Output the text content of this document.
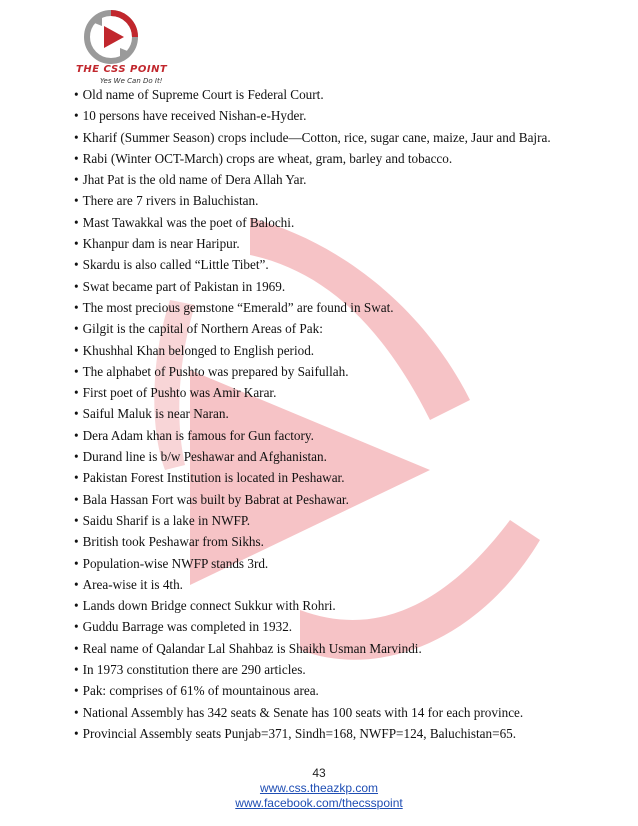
THE CSS POINT
Yes We Can Do It!
• Old name of Supreme Court is Federal Court.
• 10 persons have received Nishan-e-Hyder.
• Kharif (Summer Season) crops include—Cotton, rice, sugar cane, maize, Jaur and Bajra.
• Rabi (Winter OCT-March) crops are wheat, gram, barley and tobacco.
• Jhat Pat is the old name of Dera Allah Yar.
• There are 7 rivers in Baluchistan.
• Mast Tawakkal was the poet of Balochi.
• Khanpur dam is near Haripur.
• Skardu is also called “Little Tibet”.
• Swat became part of Pakistan in 1969.
• The most precious gemstone “Emerald” are found in Swat.
• Gilgit is the capital of Northern Areas of Pak:
• Khushhal Khan belonged to English period.
• The alphabet of Pushto was prepared by Saifullah.
• First poet of Pushto was Amir Karar.
• Saiful Maluk is near Naran.
• Dera Adam khan is famous for Gun factory.
• Durand line is b/w Peshawar and Afghanistan.
• Pakistan Forest Institution is located in Peshawar.
• Bala Hassan Fort was built by Babrat at Peshawar.
• Saidu Sharif is a lake in NWFP.
• British took Peshawar from Sikhs.
• Population-wise NWFP stands 3rd.
• Area-wise it is 4th.
• Lands down Bridge connect Sukkur with Rohri.
• Guddu Barrage was completed in 1932.
• Real name of Qalandar Lal Shahbaz is Shaikh Usman Marvindi.
• In 1973 constitution there are 290 articles.
• Pak: comprises of 61% of mountainous area.
• National Assembly has 342 seats & Senate has 100 seats with 14 for each province.
• Provincial Assembly seats Punjab=371, Sindh=168, NWFP=124, Baluchistan=65.
43
www.css.theazkp.com
www.facebook.com/thecsspoint
